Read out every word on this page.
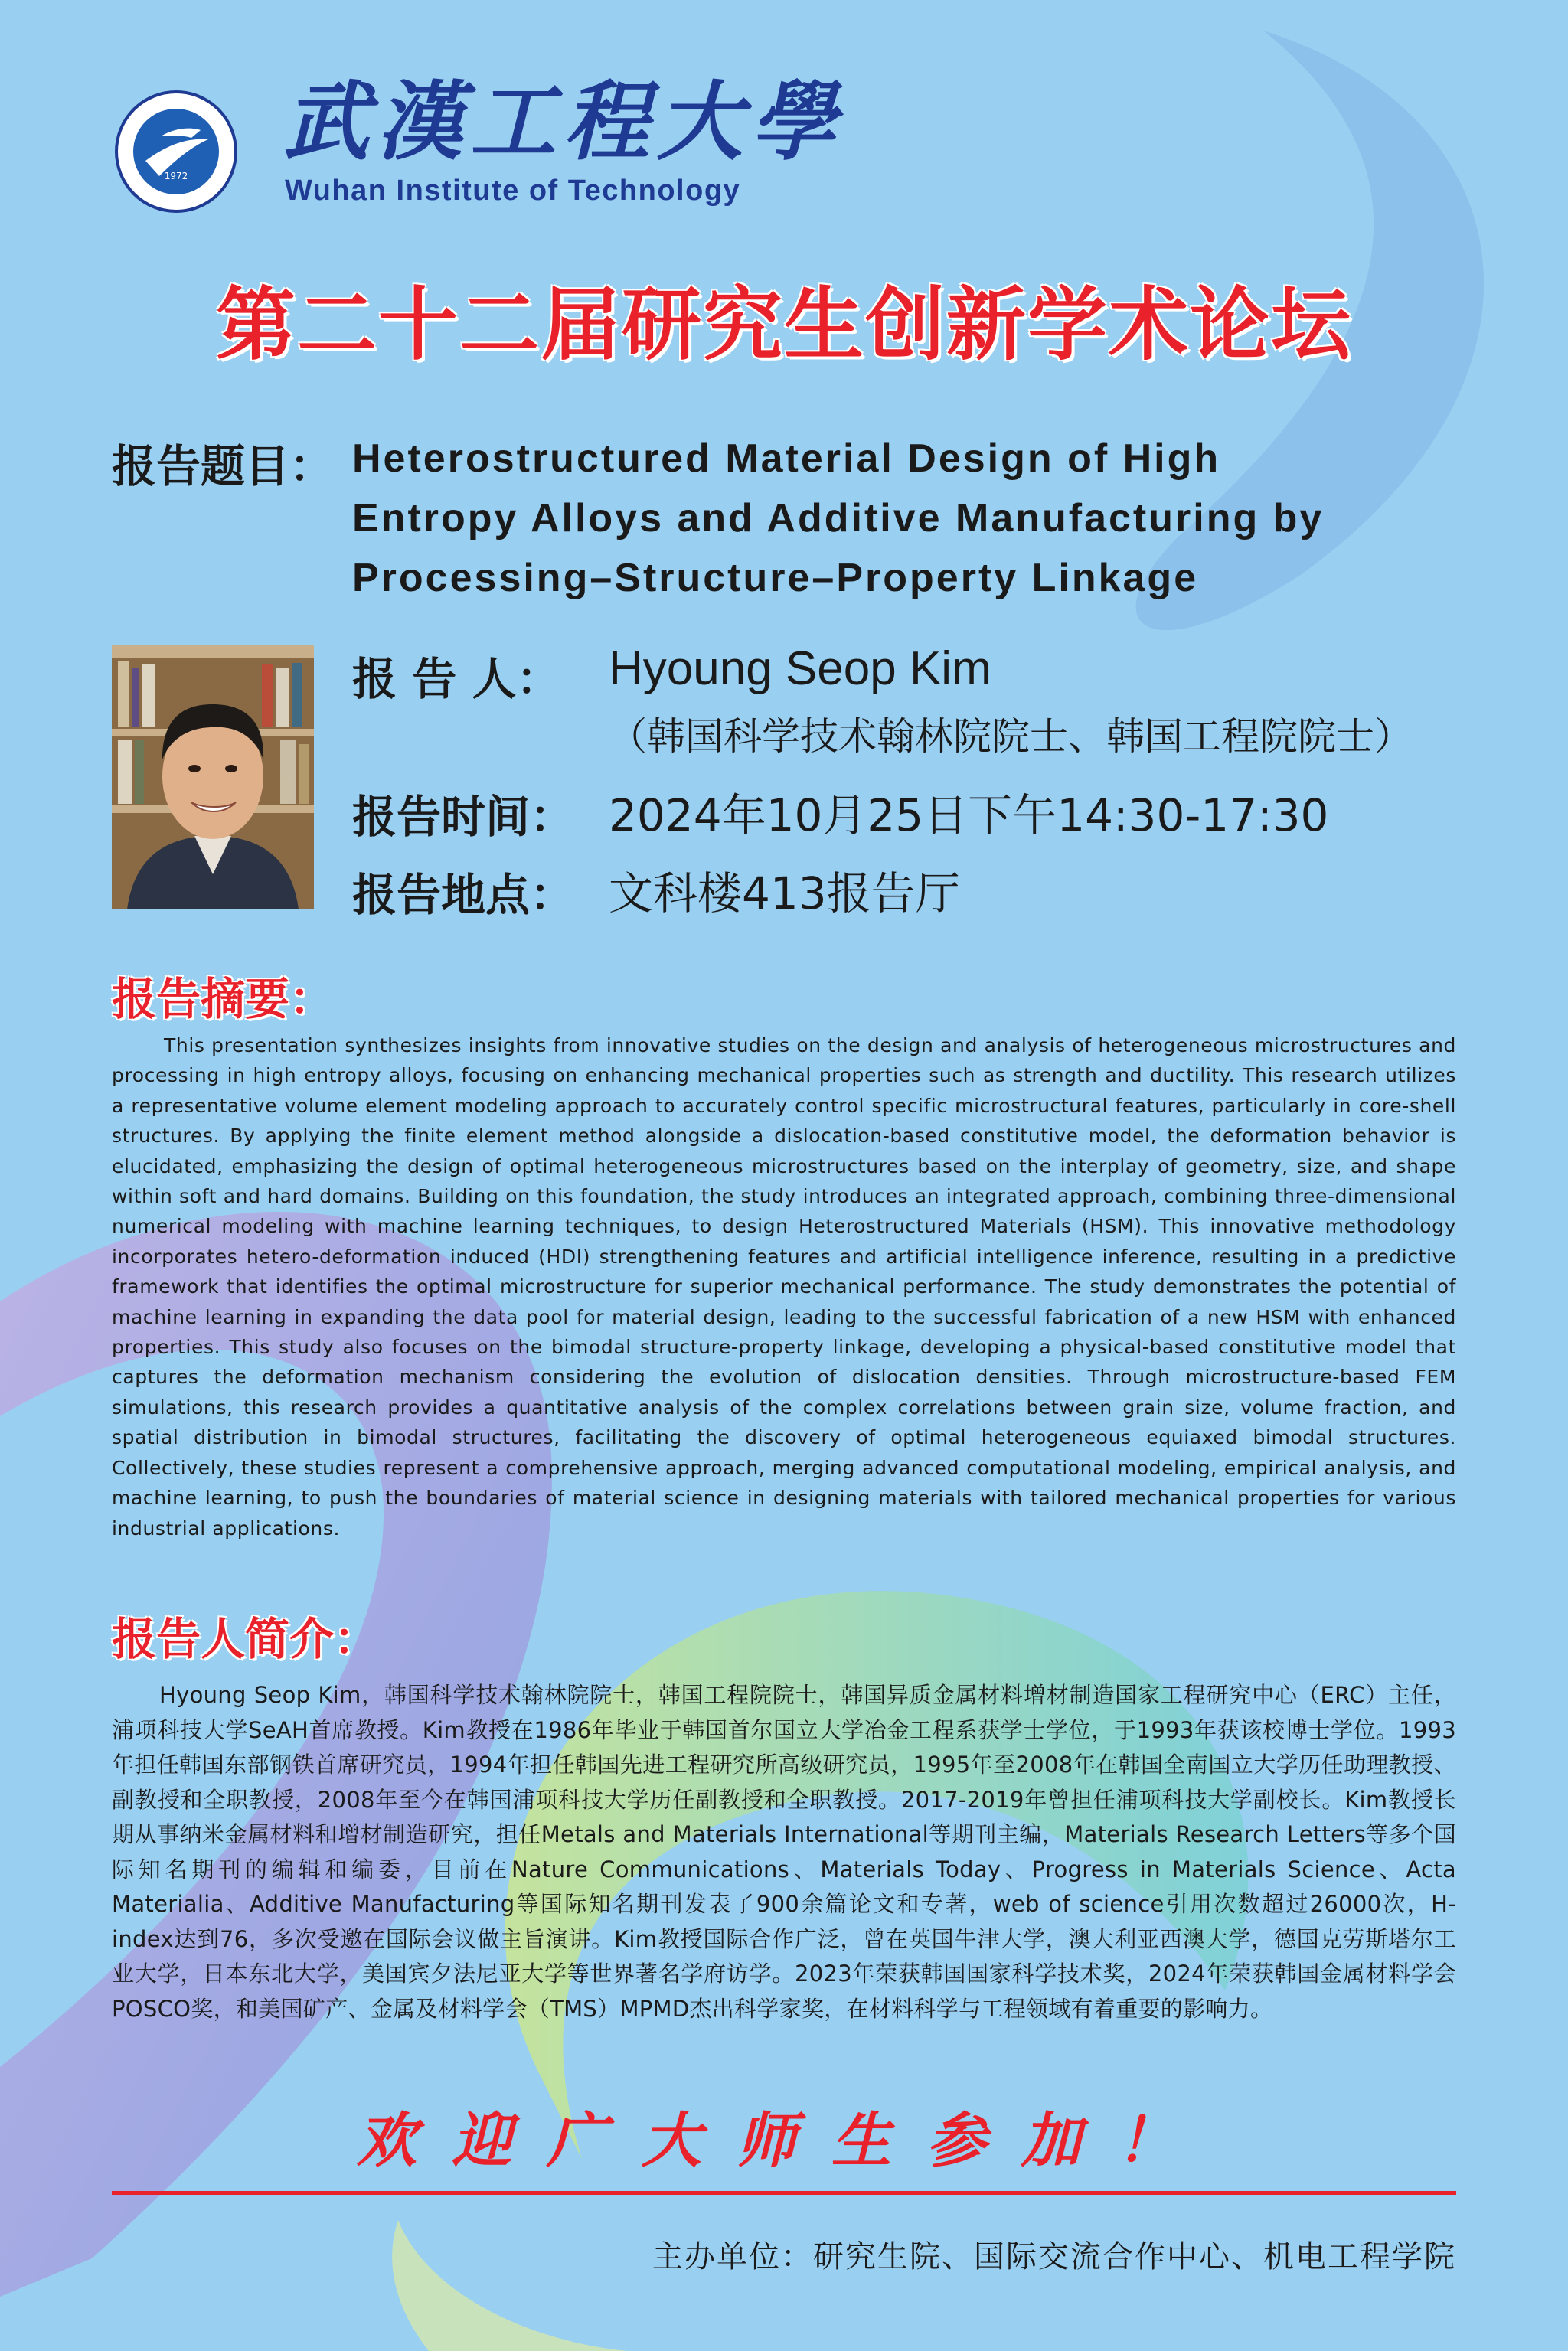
1972
武漢工程大學
Wuhan Institute of Technology
第二十二届研究生创新学术论坛
报告题目： Heterostructured Material Design of High
Entropy Alloys and Additive Manufacturing by
Processing–Structure–Property Linkage
报 告 人： Hyoung Seop Kim
（韩国科学技术翰林院院士、韩国工程院院士）
报告时间： 2024年10月25日下午14:30-17:30
报告地点： 文科楼413报告厅
报告摘要：
This presentation synthesizes insights from innovative studies on the design and analysis of heterogeneous microstructures and processing in high entropy alloys, focusing on enhancing mechanical properties such as strength and ductility. This research utilizes a representative volume element modeling approach to accurately control specific microstructural features, particularly in core-shell structures. By applying the finite element method alongside a dislocation-based constitutive model, the deformation behavior is elucidated, emphasizing the design of optimal heterogeneous microstructures based on the interplay of geometry, size, and shape within soft and hard domains. Building on this foundation, the study introduces an integrated approach, combining three-dimensional numerical modeling with machine learning techniques, to design Heterostructured Materials (HSM). This innovative methodology incorporates hetero-deformation induced (HDI) strengthening features and artificial intelligence inference, resulting in a predictive framework that identifies the optimal microstructure for superior mechanical performance. The study demonstrates the potential of machine learning in expanding the data pool for material design, leading to the successful fabrication of a new HSM with enhanced properties. This study also focuses on the bimodal structure-property linkage, developing a physical-based constitutive model that captures the deformation mechanism considering the evolution of dislocation densities. Through microstructure-based FEM simulations, this research provides a quantitative analysis of the complex correlations between grain size, volume fraction, and spatial distribution in bimodal structures, facilitating the discovery of optimal heterogeneous equiaxed bimodal structures. Collectively, these studies represent a comprehensive approach, merging advanced computational modeling, empirical analysis, and machine learning, to push the boundaries of material science in designing materials with tailored mechanical properties for various industrial applications.
报告人简介：
Hyoung Seop Kim，韩国科学技术翰林院院士，韩国工程院院士，韩国异质金属材料增材制造国家工程研究中心（ERC）主任，浦项科技大学SeAH首席教授。Kim教授在1986年毕业于韩国首尔国立大学冶金工程系获学士学位，于1993年获该校博士学位。1993年担任韩国东部钢铁首席研究员，1994年担任韩国先进工程研究所高级研究员，1995年至2008年在韩国全南国立大学历任助理教授、副教授和全职教授，2008年至今在韩国浦项科技大学历任副教授和全职教授。2017-2019年曾担任浦项科技大学副校长。Kim教授长期从事纳米金属材料和增材制造研究，担任Metals and Materials International等期刊主编，Materials Research Letters等多个国际知名期刊的编辑和编委，目前在Nature Communications、Materials Today、Progress in Materials Science、Acta Materialia、Additive Manufacturing等国际知名期刊发表了900余篇论文和专著，web of science引用次数超过26000次，H-index达到76，多次受邀在国际会议做主旨演讲。Kim教授国际合作广泛，曾在英国牛津大学，澳大利亚西澳大学，德国克劳斯塔尔工业大学，日本东北大学，美国宾夕法尼亚大学等世界著名学府访学。2023年荣获韩国国家科学技术奖，2024年荣获韩国金属材料学会POSCO奖，和美国矿产、金属及材料学会（TMS）MPMD杰出科学家奖，在材料科学与工程领域有着重要的影响力。
欢迎广大师生参加！
主办单位：研究生院、国际交流合作中心、机电工程学院
